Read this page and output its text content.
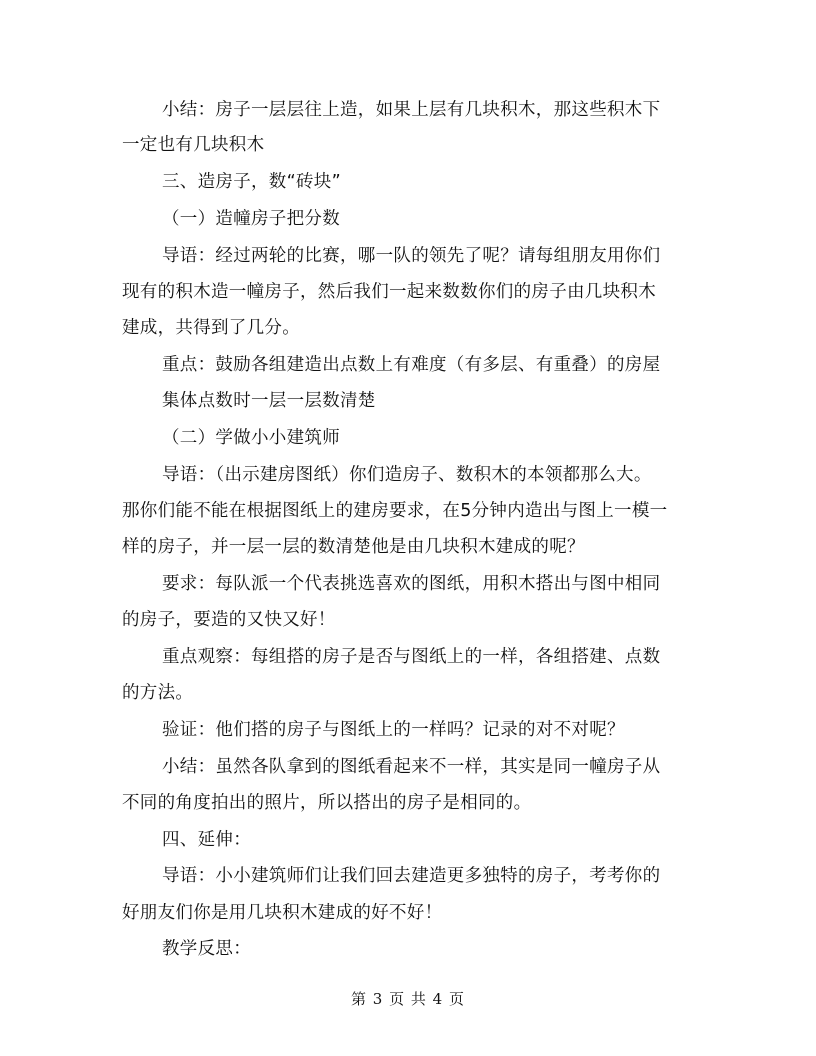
小结：房子一层层往上造，如果上层有几块积木，那这些积木下
一定也有几块积木
三、造房子，数“砖块”
（一）造幢房子把分数
导语：经过两轮的比赛，哪一队的领先了呢？请每组朋友用你们
现有的积木造一幢房子，然后我们一起来数数你们的房子由几块积木
建成，共得到了几分。
重点：鼓励各组建造出点数上有难度（有多层、有重叠）的房屋
集体点数时一层一层数清楚
（二）学做小小建筑师
导语：（出示建房图纸）你们造房子、数积木的本领都那么大。
那你们能不能在根据图纸上的建房要求，在5分钟内造出与图上一模一
样的房子，并一层一层的数清楚他是由几块积木建成的呢？
要求：每队派一个代表挑选喜欢的图纸，用积木搭出与图中相同
的房子，要造的又快又好！
重点观察：每组搭的房子是否与图纸上的一样，各组搭建、点数
的方法。
验证：他们搭的房子与图纸上的一样吗？记录的对不对呢？
小结：虽然各队拿到的图纸看起来不一样，其实是同一幢房子从
不同的角度拍出的照片，所以搭出的房子是相同的。
四、延伸：
导语：小小建筑师们让我们回去建造更多独特的房子，考考你的
好朋友们你是用几块积木建成的好不好！
教学反思：
第 3 页 共 4 页
